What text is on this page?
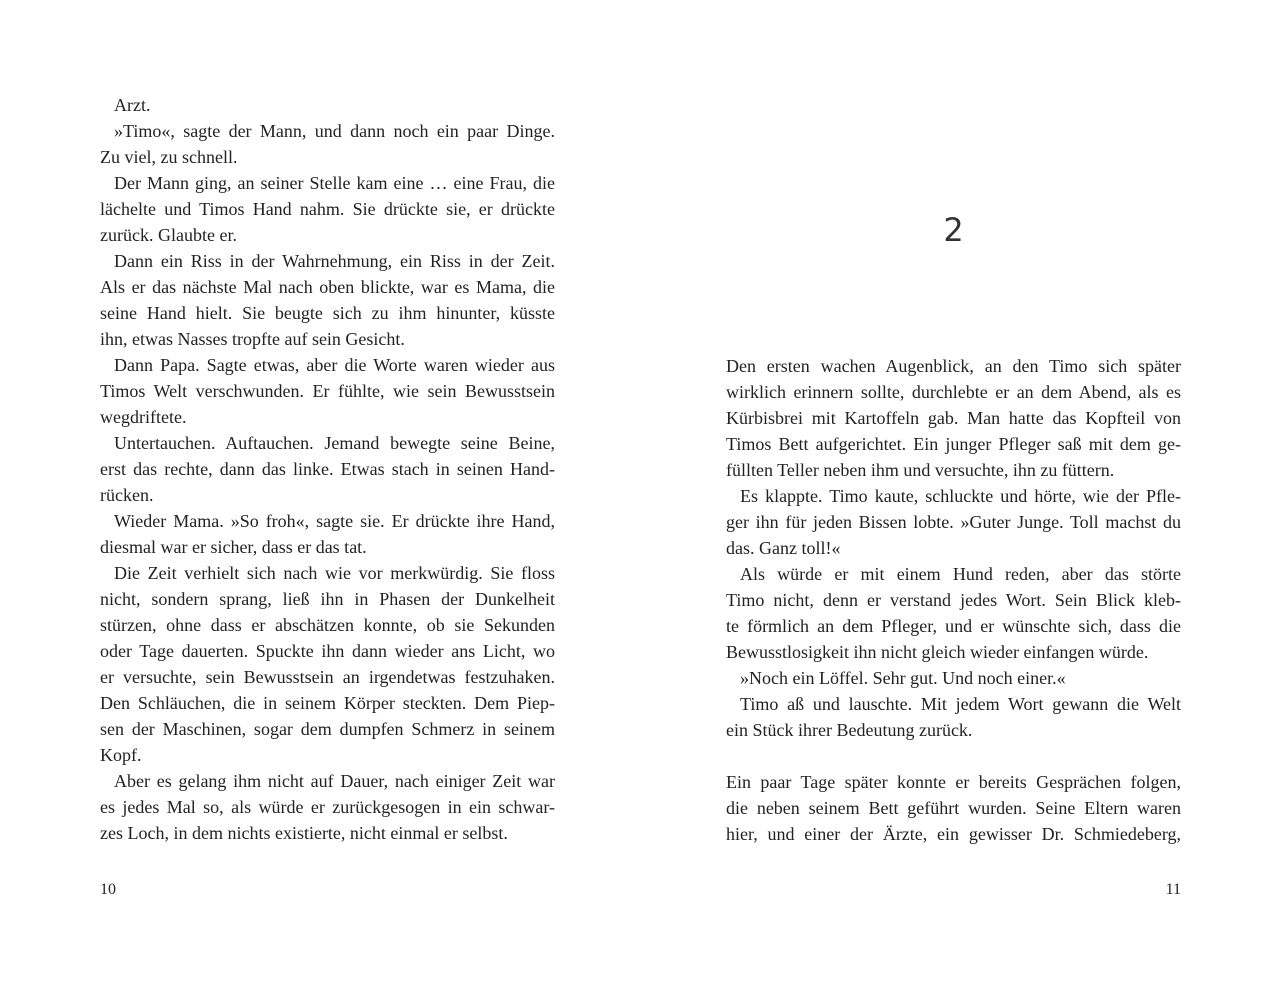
Arzt.
»Timo«, sagte der Mann, und dann noch ein paar Dinge.
Zu viel, zu schnell.
Der Mann ging, an seiner Stelle kam eine … eine Frau, die
lächelte und Timos Hand nahm. Sie drückte sie, er drückte
zurück. Glaubte er.
Dann ein Riss in der Wahrnehmung, ein Riss in der Zeit.
Als er das nächste Mal nach oben blickte, war es Mama, die
seine Hand hielt. Sie beugte sich zu ihm hinunter, küsste
ihn, etwas Nasses tropfte auf sein Gesicht.
Dann Papa. Sagte etwas, aber die Worte waren wieder aus
Timos Welt verschwunden. Er fühlte, wie sein Bewusstsein
wegdriftete.
Untertauchen. Auftauchen. Jemand bewegte seine Beine,
erst das rechte, dann das linke. Etwas stach in seinen Hand-
rücken.
Wieder Mama. »So froh«, sagte sie. Er drückte ihre Hand,
diesmal war er sicher, dass er das tat.
Die Zeit verhielt sich nach wie vor merkwürdig. Sie floss
nicht, sondern sprang, ließ ihn in Phasen der Dunkelheit
stürzen, ohne dass er abschätzen konnte, ob sie Sekunden
oder Tage dauerten. Spuckte ihn dann wieder ans Licht, wo
er versuchte, sein Bewusstsein an irgendetwas festzuhaken.
Den Schläuchen, die in seinem Körper steckten. Dem Piep-
sen der Maschinen, sogar dem dumpfen Schmerz in seinem
Kopf.
Aber es gelang ihm nicht auf Dauer, nach einiger Zeit war
es jedes Mal so, als würde er zurückgesogen in ein schwar-
zes Loch, in dem nichts existierte, nicht einmal er selbst.
10
2
Den ersten wachen Augenblick, an den Timo sich später
wirklich erinnern sollte, durchlebte er an dem Abend, als es
Kürbisbrei mit Kartoffeln gab. Man hatte das Kopfteil von
Timos Bett aufgerichtet. Ein junger Pfleger saß mit dem ge-
füllten Teller neben ihm und versuchte, ihn zu füttern.
Es klappte. Timo kaute, schluckte und hörte, wie der Pfle-
ger ihn für jeden Bissen lobte. »Guter Junge. Toll machst du
das. Ganz toll!«
Als würde er mit einem Hund reden, aber das störte
Timo nicht, denn er verstand jedes Wort. Sein Blick kleb-
te förmlich an dem Pfleger, und er wünschte sich, dass die
Bewusstlosigkeit ihn nicht gleich wieder einfangen würde.
»Noch ein Löffel. Sehr gut. Und noch einer.«
Timo aß und lauschte. Mit jedem Wort gewann die Welt
ein Stück ihrer Bedeutung zurück.
Ein paar Tage später konnte er bereits Gesprächen folgen,
die neben seinem Bett geführt wurden. Seine Eltern waren
hier, und einer der Ärzte, ein gewisser Dr. Schmiedeberg,
11
